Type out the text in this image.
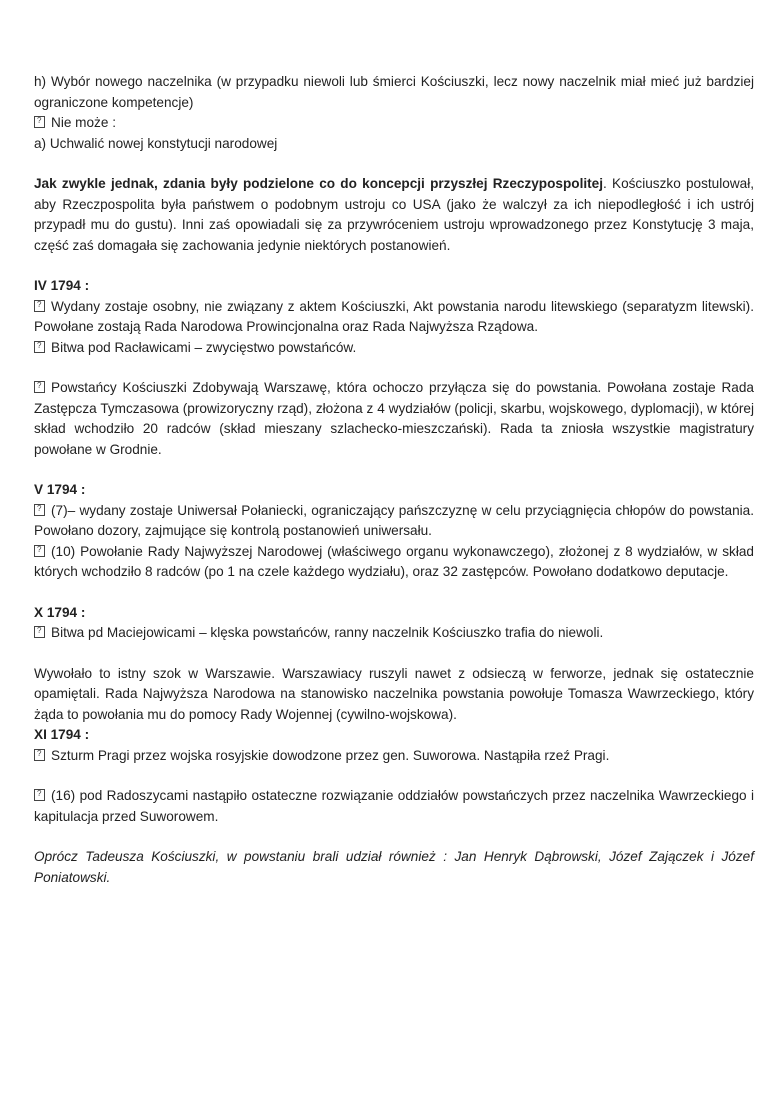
h) Wybór nowego naczelnika (w przypadku niewoli lub śmierci Kościuszki, lecz nowy naczelnik miał mieć już bardziej ograniczone kompetencje)

?Nie może :

a) Uchwalić nowej konstytucji narodowej

Jak zwykle jednak, zdania były podzielone co do koncepcji przyszłej Rzeczypospolitej. Kościuszko postulował, aby Rzeczpospolita była państwem o podobnym ustroju co USA (jako że walczył za ich niepodległość i ich ustrój przypadł mu do gustu). Inni zaś opowiadali się za przywróceniem ustroju wprowadzonego przez Konstytucję 3 maja, część zaś domagała się zachowania jedynie niektórych postanowień.

IV 1794 :

?Wydany zostaje osobny, nie związany z aktem Kościuszki, Akt powstania narodu litewskiego (separatyzm litewski). Powołane zostają Rada Narodowa Prowincjonalna oraz Rada Najwyższa Rządowa.

?Bitwa pod Racławicami – zwycięstwo powstańców.

?Powstańcy Kościuszki Zdobywają Warszawę, która ochoczo przyłącza się do powstania. Powołana zostaje Rada Zastępcza Tymczasowa (prowizoryczny rząd), złożona z 4 wydziałów (policji, skarbu, wojskowego, dyplomacji), w której skład wchodziło 20 radców (skład mieszany szlachecko-mieszczański). Rada ta zniosła wszystkie magistratury powołane w Grodnie.

V 1794 :

?(7)– wydany zostaje Uniwersał Połaniecki, ograniczający pańszczyznę w celu przyciągnięcia chłopów do powstania. Powołano dozory, zajmujące się kontrolą postanowień uniwersału.

?(10) Powołanie Rady Najwyższej Narodowej (właściwego organu wykonawczego), złożonej z 8 wydziałów, w skład których wchodziło 8 radców (po 1 na czele każdego wydziału), oraz 32 zastępców. Powołano dodatkowo deputacje.

X 1794 :

?Bitwa pd Maciejowicami – klęska powstańców, ranny naczelnik Kościuszko trafia do niewoli.

Wywołało to istny szok w Warszawie. Warszawiacy ruszyli nawet z odsieczą w ferworze, jednak się ostatecznie opamiętali. Rada Najwyższa Narodowa na stanowisko naczelnika powstania powołuje Tomasza Wawrzeckiego, który żąda to powołania mu do pomocy Rady Wojennej (cywilno-wojskowa).

XI 1794 :

?Szturm Pragi przez wojska rosyjskie dowodzone przez gen. Suworowa. Nastąpiła rzeź Pragi.

?(16) pod Radoszycami nastąpiło ostateczne rozwiązanie oddziałów powstańczych przez naczelnika Wawrzeckiego i kapitulacja przed Suworowem.

Oprócz Tadeusza Kościuszki, w powstaniu brali udział również : Jan Henryk Dąbrowski, Józef Zajączek i Józef Poniatowski.
